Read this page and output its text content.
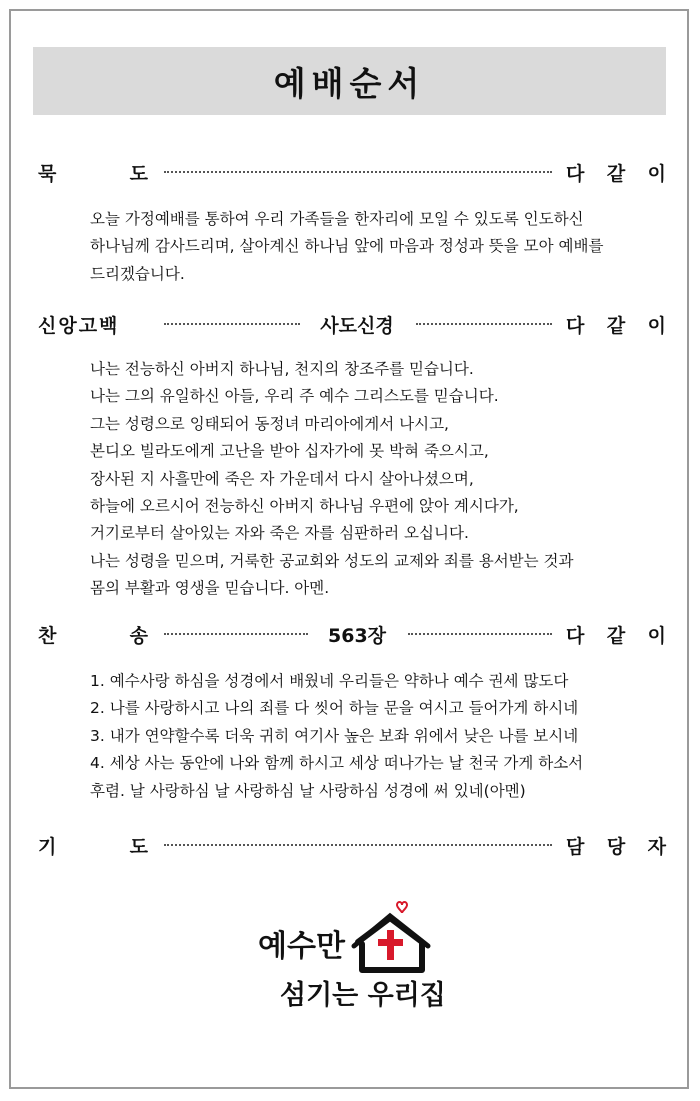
예배순서
묵	도	다 같 이
오늘 가정예배를 통하여 우리 가족들을 한자리에 모일 수 있도록 인도하신
하나님께 감사드리며, 살아계신 하나님 앞에 마음과 정성과 뜻을 모아 예배를
드리겠습니다.
신앙고백	사도신경	다 같 이
나는 전능하신 아버지 하나님, 천지의 창조주를 믿습니다.
나는 그의 유일하신 아들, 우리 주 예수 그리스도를 믿습니다.
그는 성령으로 잉태되어 동정녀 마리아에게서 나시고,
본디오 빌라도에게 고난을 받아 십자가에 못 박혀 죽으시고,
장사된 지 사흘만에 죽은 자 가운데서 다시 살아나셨으며,
하늘에 오르시어 전능하신 아버지 하나님 우편에 앉아 계시다가,
거기로부터 살아있는 자와 죽은 자를 심판하러 오십니다.
나는 성령을 믿으며, 거룩한 공교회와 성도의 교제와 죄를 용서받는 것과
몸의 부활과 영생을 믿습니다. 아멘.
찬	송	563장	다 같 이
1. 예수사랑 하심을 성경에서 배웠네 우리들은 약하나 예수 권세 많도다
2. 나를 사랑하시고 나의 죄를 다 씻어 하늘 문을 여시고 들어가게 하시네
3. 내가 연약할수록 더욱 귀히 여기사 높은 보좌 위에서 낮은 나를 보시네
4. 세상 사는 동안에 나와 함께 하시고 세상 떠나가는 날 천국 가게 하소서
후렴. 날 사랑하심 날 사랑하심 날 사랑하심 성경에 써 있네(아멘)
기	도	담 당 자
예수만
섬기는 우리집
